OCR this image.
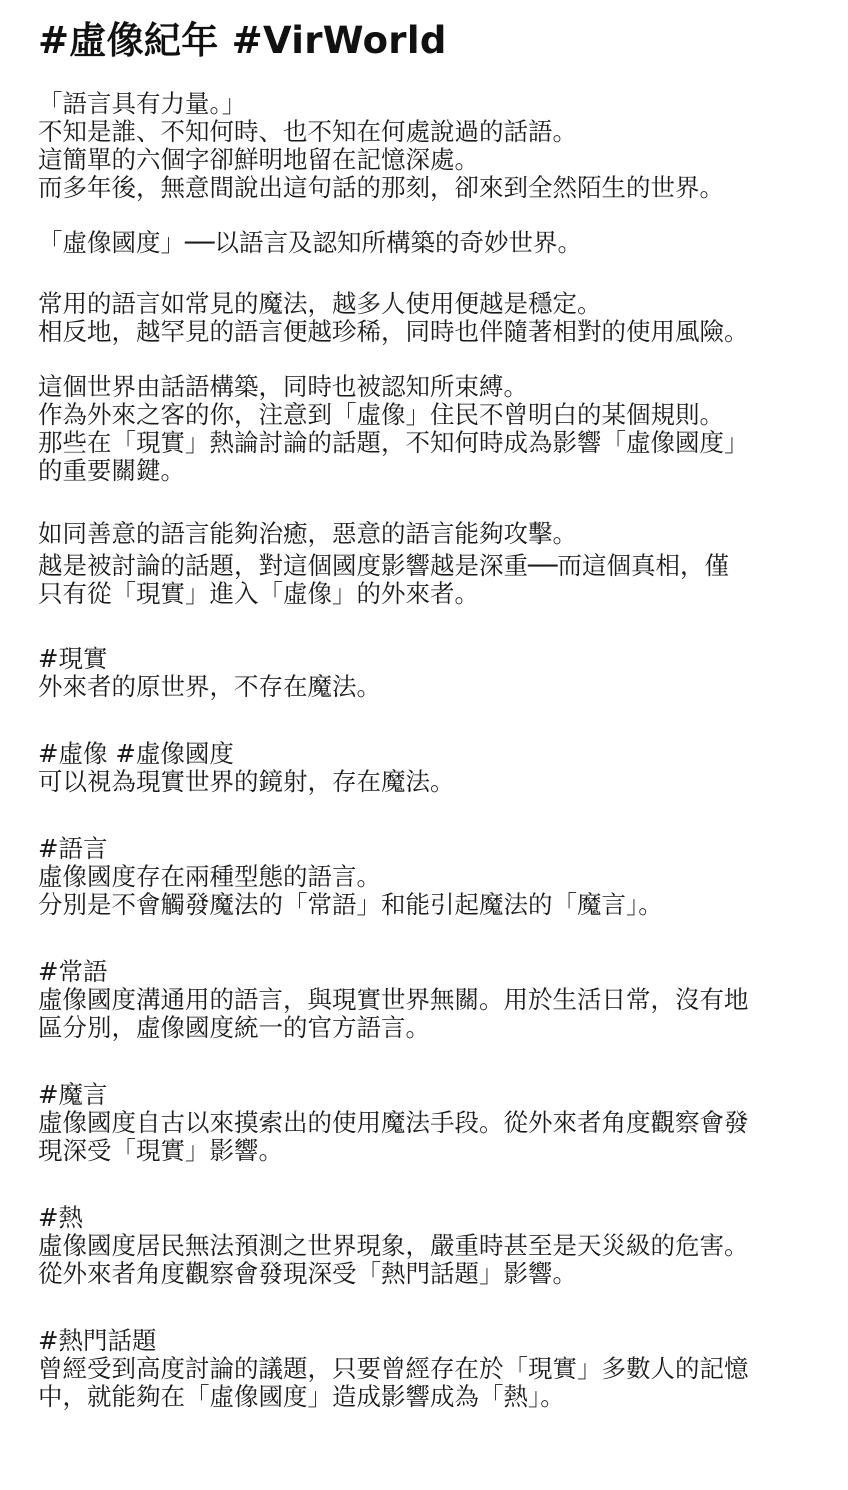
#虛像紀年 #VirWorld

「語言具有力量。」

不知是誰、不知何時、也不知在何處說過的話語。

這簡單的六個字卻鮮明地留在記憶深處。

而多年後，無意間說出這句話的那刻，卻來到全然陌生的世界。

「虛像國度」──以語言及認知所構築的奇妙世界。

常用的語言如常見的魔法，越多人使用便越是穩定。

相反地，越罕見的語言便越珍稀，同時也伴隨著相對的使用風險。

這個世界由話語構築，同時也被認知所束縛。

作為外來之客的你，注意到「虛像」住民不曾明白的某個規則。

那些在「現實」熱論討論的話題，不知何時成為影響「虛像國度」

的重要關鍵。

如同善意的語言能夠治癒，惡意的語言能夠攻擊。

越是被討論的話題，對這個國度影響越是深重──而這個真相，僅

只有從「現實」進入「虛像」的外來者。

#現實

外來者的原世界，不存在魔法。

#虛像 #虛像國度

可以視為現實世界的鏡射，存在魔法。

#語言

虛像國度存在兩種型態的語言。

分別是不會觸發魔法的「常語」和能引起魔法的「魔言」。

#常語

虛像國度溝通用的語言，與現實世界無關。用於生活日常，沒有地

區分別，虛像國度統一的官方語言。

#魔言

虛像國度自古以來摸索出的使用魔法手段。從外來者角度觀察會發

現深受「現實」影響。

#熱

虛像國度居民無法預測之世界現象，嚴重時甚至是天災級的危害。

從外來者角度觀察會發現深受「熱門話題」影響。

#熱門話題

曾經受到高度討論的議題，只要曾經存在於「現實」多數人的記憶

中，就能夠在「虛像國度」造成影響成為「熱」。
